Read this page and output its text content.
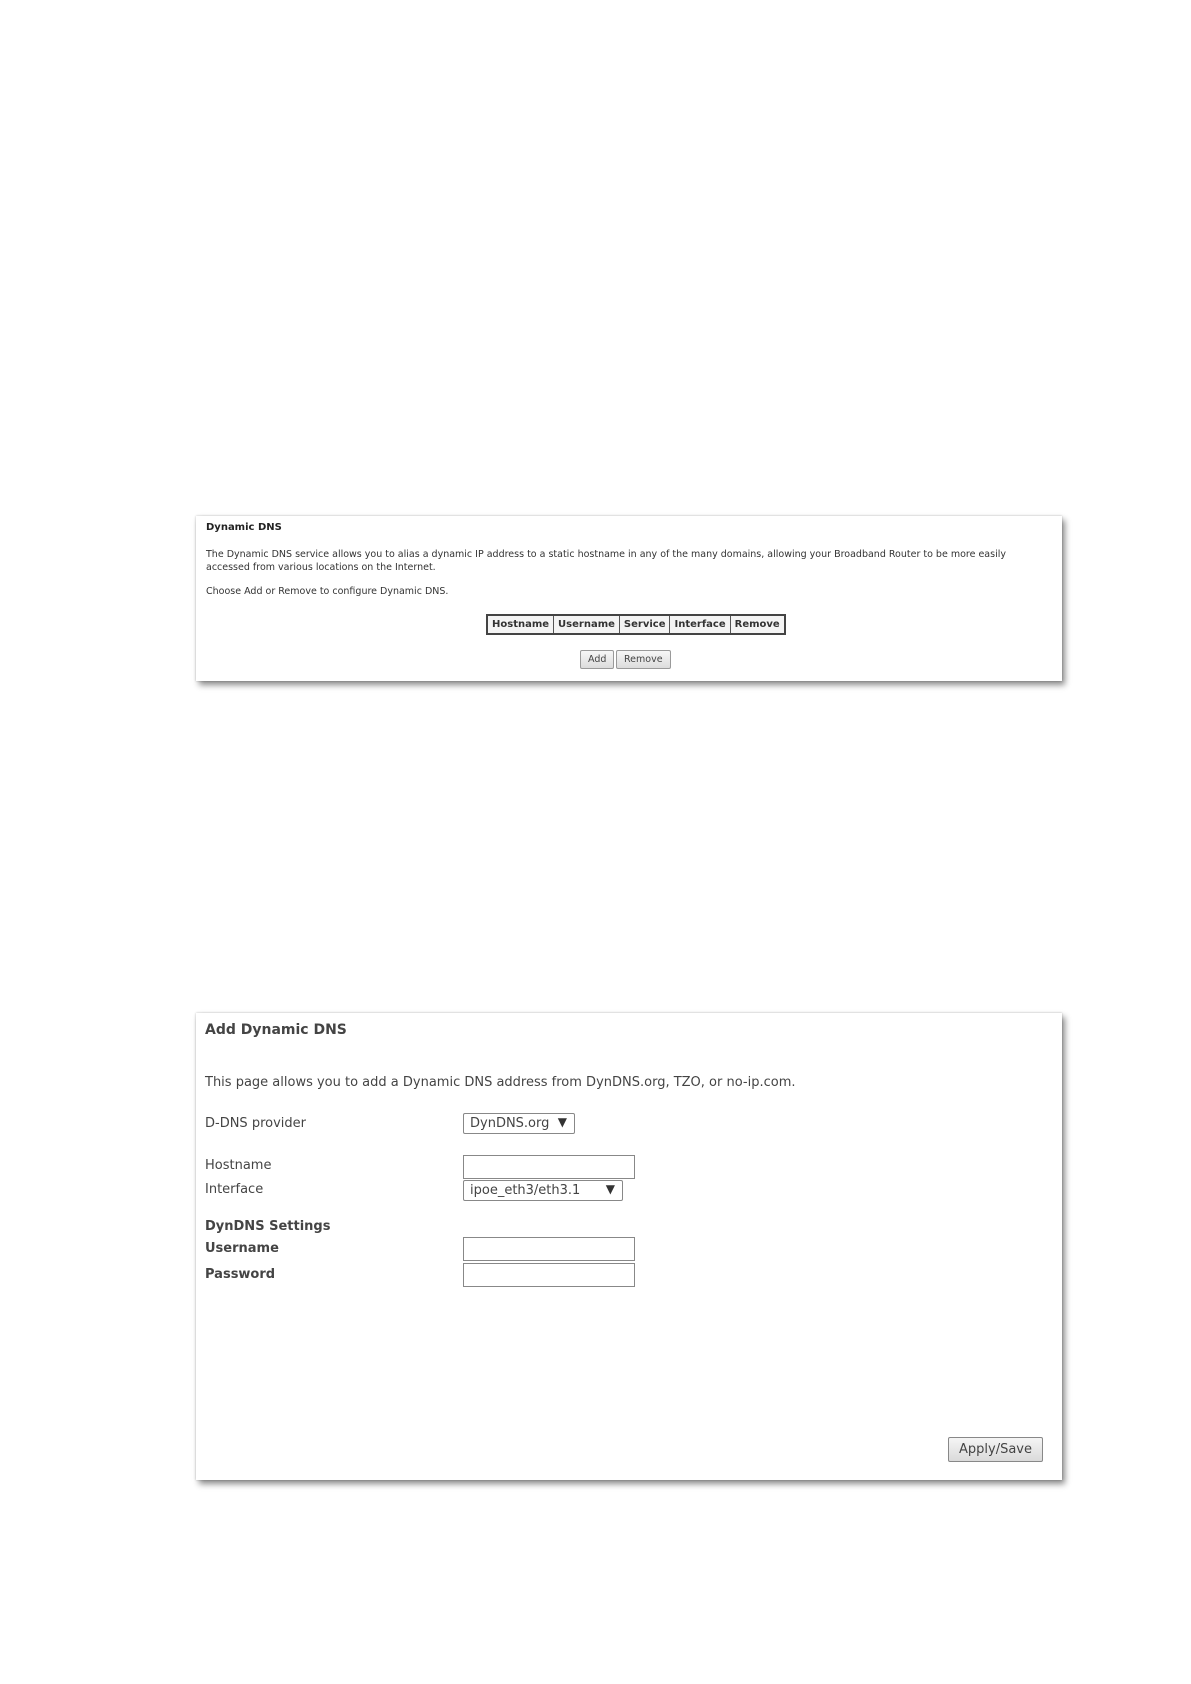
Dynamic DNS
The Dynamic DNS service allows you to alias a dynamic IP address to a static hostname in any of the many domains, allowing your Broadband Router to be more easily accessed from various locations on the Internet.
Choose Add or Remove to configure Dynamic DNS.
Hostname	Username	Service	Interface	Remove
Add	Remove
Add Dynamic DNS
This page allows you to add a Dynamic DNS address from DynDNS.org, TZO, or no-ip.com.
D-DNS provider	DynDNS.org ▼
Hostname
Interface	ipoe_eth3/eth3.1 ▼
DynDNS Settings
Username
Password
Apply/Save
